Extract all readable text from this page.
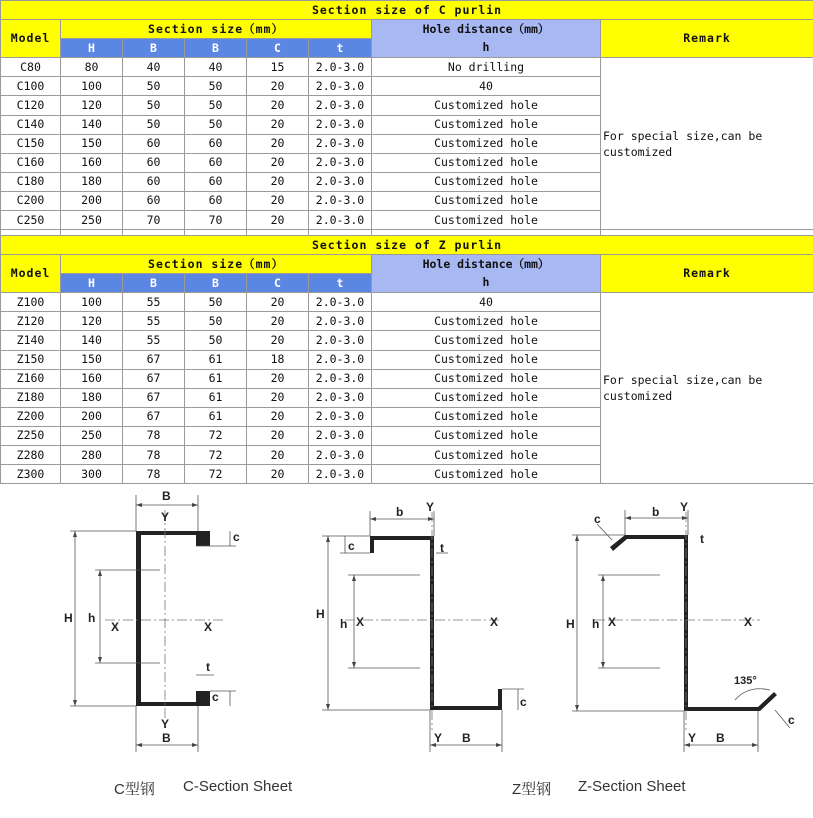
Section size of C purlin							
Model	Section size（mm）					Hole distance（mm）	Remark
	H	B	B	C	t	h	
C80	80	40	40	15	2.0-3.0	No drilling	For special size,can be customized
C100	100	50	50	20	2.0-3.0	40	
C120	120	50	50	20	2.0-3.0	Customized hole	
C140	140	50	50	20	2.0-3.0	Customized hole	
C150	150	60	60	20	2.0-3.0	Customized hole	
C160	160	60	60	20	2.0-3.0	Customized hole	
C180	180	60	60	20	2.0-3.0	Customized hole	
C200	200	60	60	20	2.0-3.0	Customized hole	
C250	250	70	70	20	2.0-3.0	Customized hole	

Section size of Z purlin							
Model	Section size（mm）					Hole distance（mm）	Remark
	H	B	B	C	t	h	
Z100	100	55	50	20	2.0-3.0	40	For special size,can be customized
Z120	120	55	50	20	2.0-3.0	Customized hole	
Z140	140	55	50	20	2.0-3.0	Customized hole	
Z150	150	67	61	18	2.0-3.0	Customized hole	
Z160	160	67	61	20	2.0-3.0	Customized hole	
Z180	180	67	61	20	2.0-3.0	Customized hole	
Z200	200	67	61	20	2.0-3.0	Customized hole	
Z250	250	78	72	20	2.0-3.0	Customized hole	
Z280	280	78	72	20	2.0-3.0	Customized hole	
Z300	300	78	72	20	2.0-3.0	Customized hole	
B
Y
c
H h
X	X
t
c
Y
B
b Y
c	t
H
h X	X
c
Y B
c	b Y
t
H h X	X
135°
c
Y B
C型钢 C-Section Sheet	Z型钢 Z-Section Sheet
